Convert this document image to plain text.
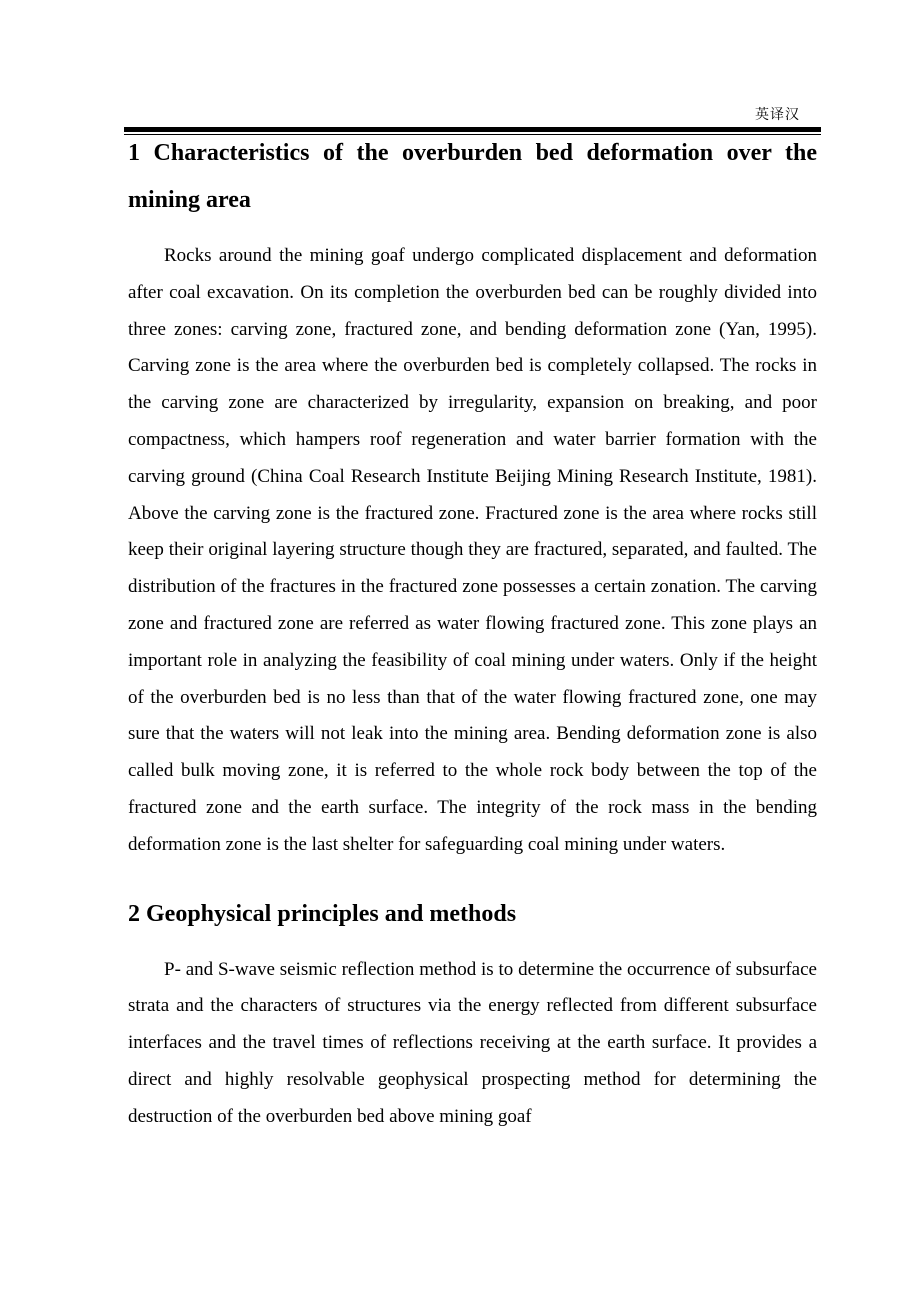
英译汉
1 Characteristics of the overburden bed deformation over the mining area

Rocks around the mining goaf undergo complicated displacement and deformation after coal excavation. On its completion the overburden bed can be roughly divided into three zones: carving zone, fractured zone, and bending deformation zone (Yan, 1995). Carving zone is the area where the overburden bed is completely collapsed. The rocks in the carving zone are characterized by irregularity, expansion on breaking, and poor compactness, which hampers roof regeneration and water barrier formation with the carving ground (China Coal Research Institute Beijing Mining Research Institute, 1981). Above the carving zone is the fractured zone. Fractured zone is the area where rocks still keep their original layering structure though they are fractured, separated, and faulted. The distribution of the fractures in the fractured zone possesses a certain zonation. The carving zone and fractured zone are referred as water flowing fractured zone. This zone plays an important role in analyzing the feasibility of coal mining under waters. Only if the height of the overburden bed is no less than that of the water flowing fractured zone, one may sure that the waters will not leak into the mining area. Bending deformation zone is also called bulk moving zone, it is referred to the whole rock body between the top of the fractured zone and the earth surface. The integrity of the rock mass in the bending deformation zone is the last shelter for safeguarding coal mining under waters.

2 Geophysical principles and methods

P- and S-wave seismic reflection method is to determine the occurrence of subsurface strata and the characters of structures via the energy reflected from different subsurface interfaces and the travel times of reflections receiving at the earth surface. It provides a direct and highly resolvable geophysical prospecting method for determining the destruction of the overburden bed above mining goaf
